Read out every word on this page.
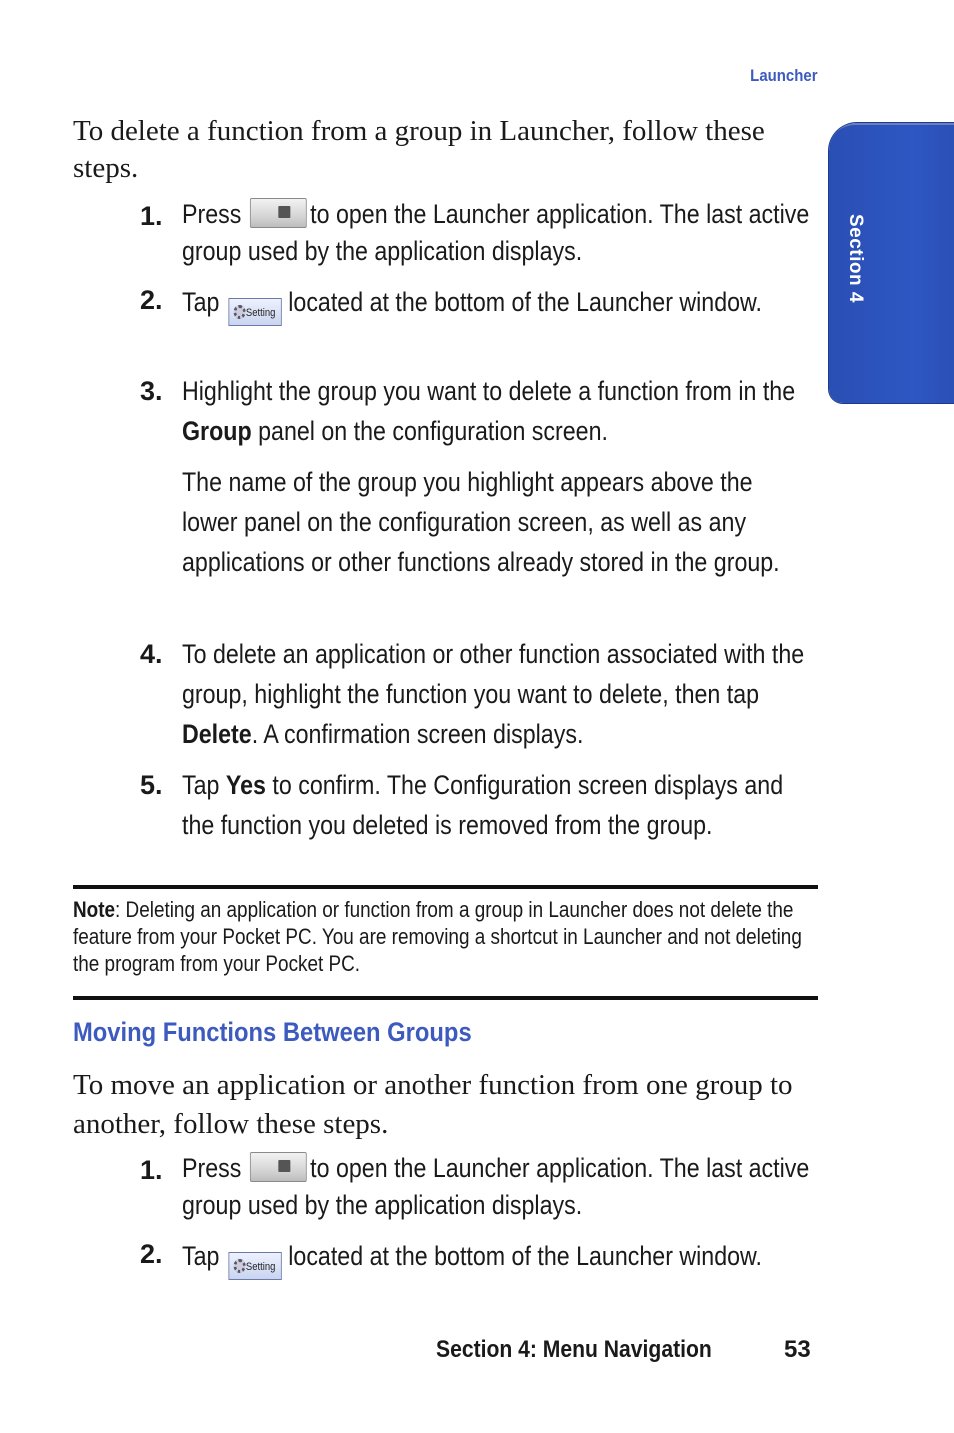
Launcher
Section 4
To delete a function from a group in Launcher, follow these steps.
1. Press	to open the Launcher application. The last active group used by the application displays.
2. Tap Setting located at the bottom of the Launcher window.
3. Highlight the group you want to delete a function from in the Group panel on the configuration screen.
The name of the group you highlight appears above the lower panel on the configuration screen, as well as any applications or other functions already stored in the group.
4. To delete an application or other function associated with the group, highlight the function you want to delete, then tap Delete. A confirmation screen displays.
5. Tap Yes to confirm. The Configuration screen displays and the function you deleted is removed from the group.
Note: Deleting an application or function from a group in Launcher does not delete the feature from your Pocket PC. You are removing a shortcut in Launcher and not deleting the program from your Pocket PC.
Moving Functions Between Groups
To move an application or another function from one group to another, follow these steps.
1. Press	to open the Launcher application. The last active group used by the application displays.
2. Tap Setting located at the bottom of the Launcher window.
Section 4: Menu Navigation	53
